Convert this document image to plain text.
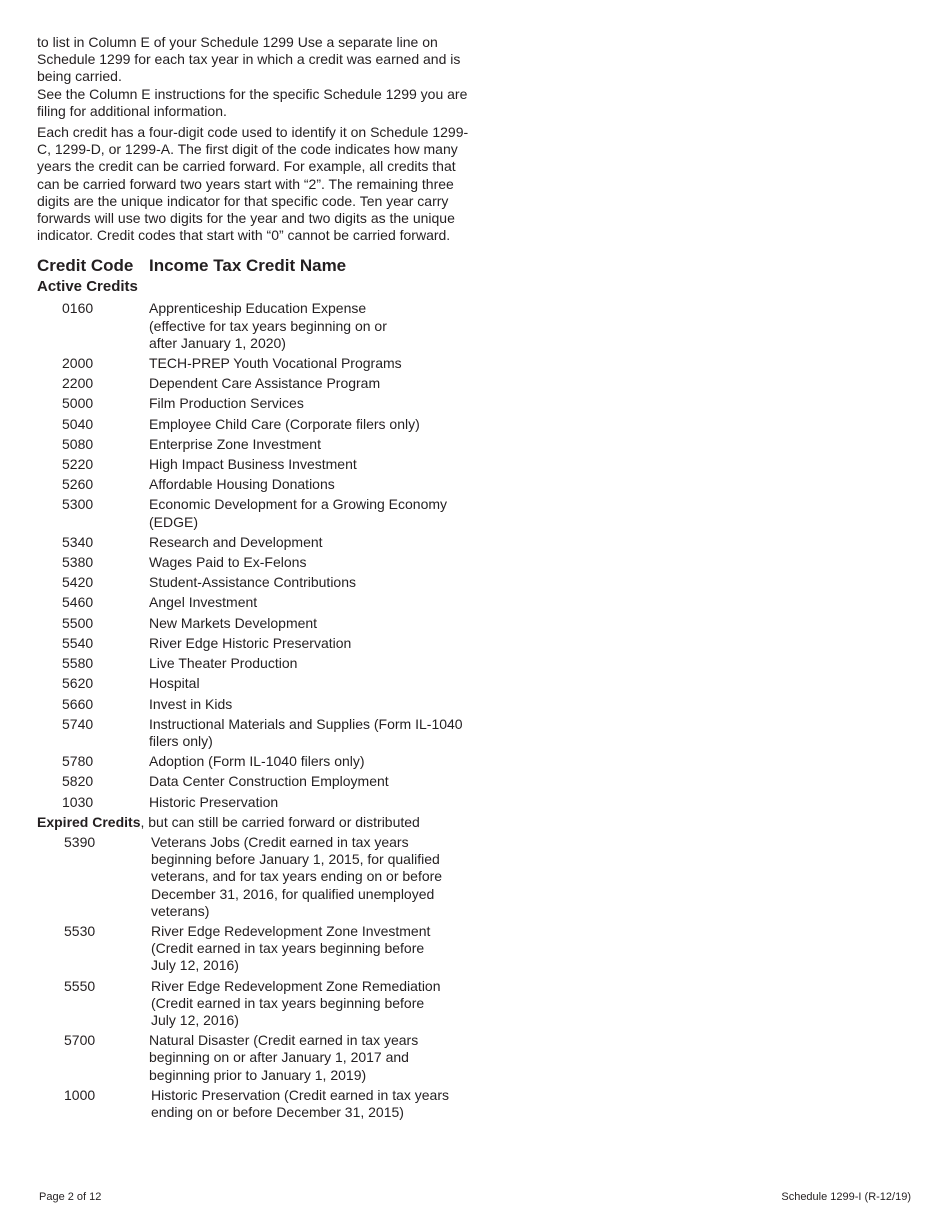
to list in Column E of your Schedule 1299 Use a separate line on Schedule 1299 for each tax year in which a credit was earned and is being carried.

See the Column E instructions for the specific Schedule 1299 you are filing for additional information.

Each credit has a four-digit code used to identify it on Schedule 1299-C, 1299-D, or 1299-A. The first digit of the code indicates how many years the credit can be carried forward. For example, all credits that can be carried forward two years start with “2”. The remaining three digits are the unique indicator for that specific code. Ten year carry forwards will use two digits for the year and two digits as the unique indicator. Credit codes that start with “0” cannot be carried forward.

Credit Code Income Tax Credit Name
Active Credits
0160	Apprenticeship Education Expense (effective for tax years beginning on or after January 1, 2020)
2000	TECH-PREP Youth Vocational Programs
2200	Dependent Care Assistance Program
5000	Film Production Services
5040	Employee Child Care (Corporate filers only)
5080	Enterprise Zone Investment
5220	High Impact Business Investment
5260	Affordable Housing Donations
5300	Economic Development for a Growing Economy (EDGE)
5340	Research and Development
5380	Wages Paid to Ex-Felons
5420	Student-Assistance Contributions
5460	Angel Investment
5500	New Markets Development
5540	River Edge Historic Preservation
5580	Live Theater Production
5620	Hospital
5660	Invest in Kids
5740	Instructional Materials and Supplies (Form IL-1040 filers only)
5780	Adoption (Form IL-1040 filers only)
5820	Data Center Construction Employment
1030	Historic Preservation
Expired Credits, but can still be carried forward or distributed
5390	Veterans Jobs (Credit earned in tax years beginning before January 1, 2015, for qualified veterans, and for tax years ending on or before December 31, 2016, for qualified unemployed veterans)
5530	River Edge Redevelopment Zone Investment (Credit earned in tax years beginning before July 12, 2016)
5550	River Edge Redevelopment Zone Remediation (Credit earned in tax years beginning before July 12, 2016)
5700	Natural Disaster (Credit earned in tax years beginning on or after January 1, 2017 and beginning prior to January 1, 2019)
1000	Historic Preservation (Credit earned in tax years ending on or before December 31, 2015)
Page 2 of 12	Schedule 1299-I (R-12/19)
